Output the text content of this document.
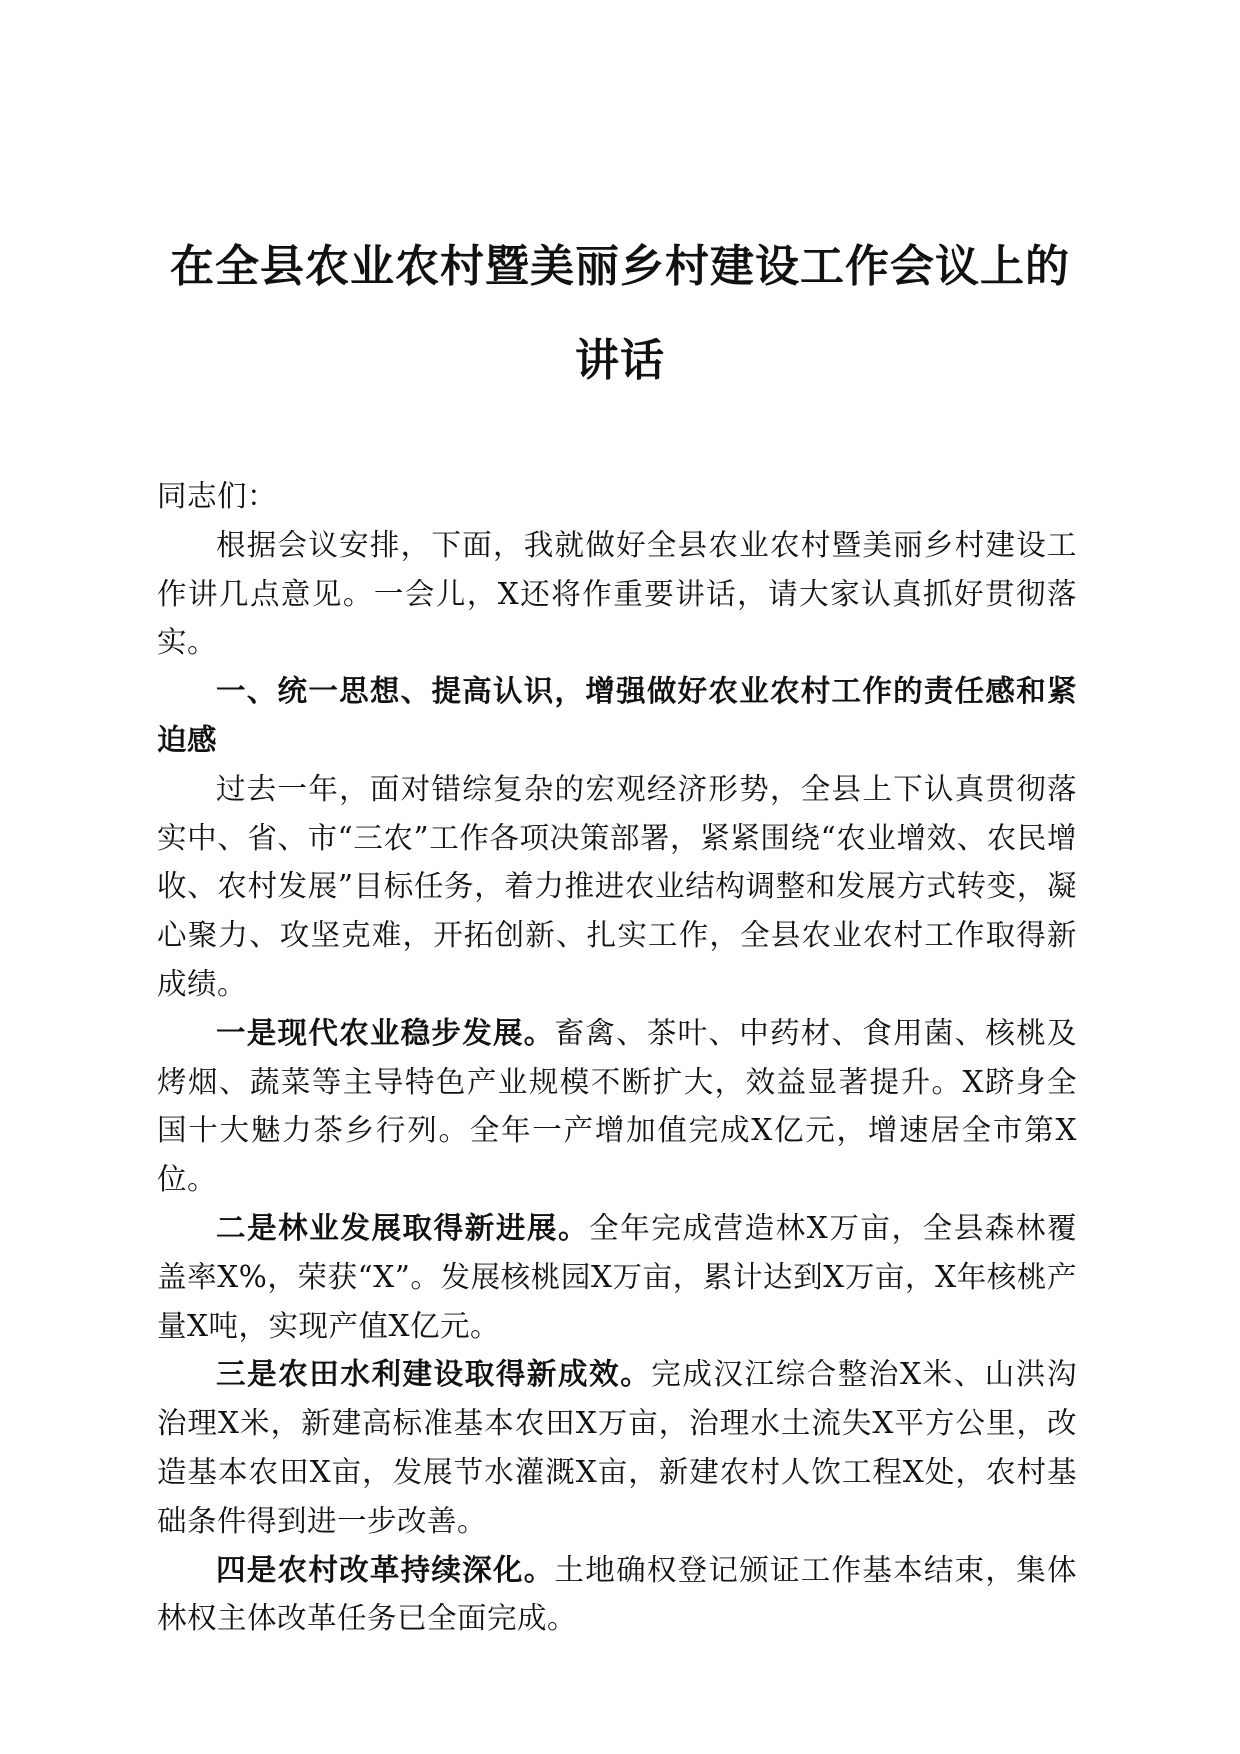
在全县农业农村暨美丽乡村建设工作会议上的
讲话

同志们：

根据会议安排，下面，我就做好全县农业农村暨美丽乡村建设工作讲几点意见。一会儿，X还将作重要讲话，请大家认真抓好贯彻落实。

一、统一思想、提高认识，增强做好农业农村工作的责任感和紧迫感

过去一年，面对错综复杂的宏观经济形势，全县上下认真贯彻落实中、省、市“三农”工作各项决策部署，紧紧围绕“农业增效、农民增收、农村发展”目标任务，着力推进农业结构调整和发展方式转变，凝心聚力、攻坚克难，开拓创新、扎实工作，全县农业农村工作取得新成绩。

一是现代农业稳步发展。畜禽、茶叶、中药材、食用菌、核桃及烤烟、蔬菜等主导特色产业规模不断扩大，效益显著提升。X跻身全国十大魅力茶乡行列。全年一产增加值完成X亿元，增速居全市第X位。

二是林业发展取得新进展。全年完成营造林X万亩，全县森林覆盖率X%，荣获“X”。发展核桃园X万亩，累计达到X万亩，X年核桃产量X吨，实现产值X亿元。

三是农田水利建设取得新成效。完成汉江综合整治X米、山洪沟治理X米，新建高标准基本农田X万亩，治理水土流失X平方公里，改造基本农田X亩，发展节水灌溉X亩，新建农村人饮工程X处，农村基础条件得到进一步改善。

四是农村改革持续深化。土地确权登记颁证工作基本结束，集体林权主体改革任务已全面完成。
